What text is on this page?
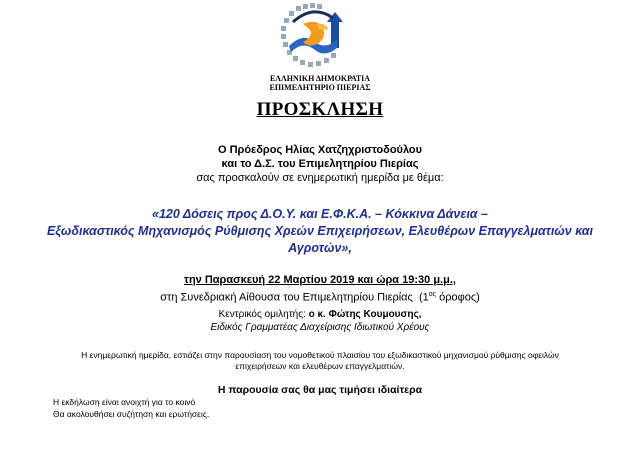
ΕΛΛΗΝΙΚΗ ΔΗΜΟΚΡΑΤΙΑ
ΕΠΙΜΕΛΗΤΗΡΙΟ ΠΙΕΡΙΑΣ
ΠΡΟΣΚΛΗΣΗ
Ο Πρόεδρος Ηλίας Χατζηχριστοδούλου
και το Δ.Σ. του Επιμελητηρίου Πιερίας
σας προσκαλούν σε ενημερωτική ημερίδα με θέμα:
«120 Δόσεις προς Δ.Ο.Υ. και Ε.Φ.Κ.Α. – Κόκκινα Δάνεια –
Εξωδικαστικός Μηχανισμός Ρύθμισης Χρεών Επιχειρήσεων, Ελευθέρων Επαγγελματιών και
Αγροτών»,
την Παρασκευή 22 Μαρτίου 2019 και ώρα 19:30 μ.μ.,
στη Συνεδριακή Αίθουσα του Επιμελητηρίου Πιερίας ($1^{o\varsigma}$ όροφος)
Κεντρικός ομιλητής: ο κ. Φώτης Κουμουσης,
Ειδικός Γραμματέας Διαχείρισης Ιδιωτικού Χρέους
Η ενημερωτική ημερίδα, εστιάζει στην παρουσίαση του νομοθετικού πλαισίου του εξωδικαστικού μηχανισμού ρύθμισης οφειλών
επιχειρήσεων και ελευθέρων επαγγελματιών.
Η παρουσία σας θα μας τιμήσει ιδιαίτερα
Η εκδήλωση είναι ανοιχτή για το κοινό
Θα ακολουθήσει συζήτηση και ερωτήσεις.
